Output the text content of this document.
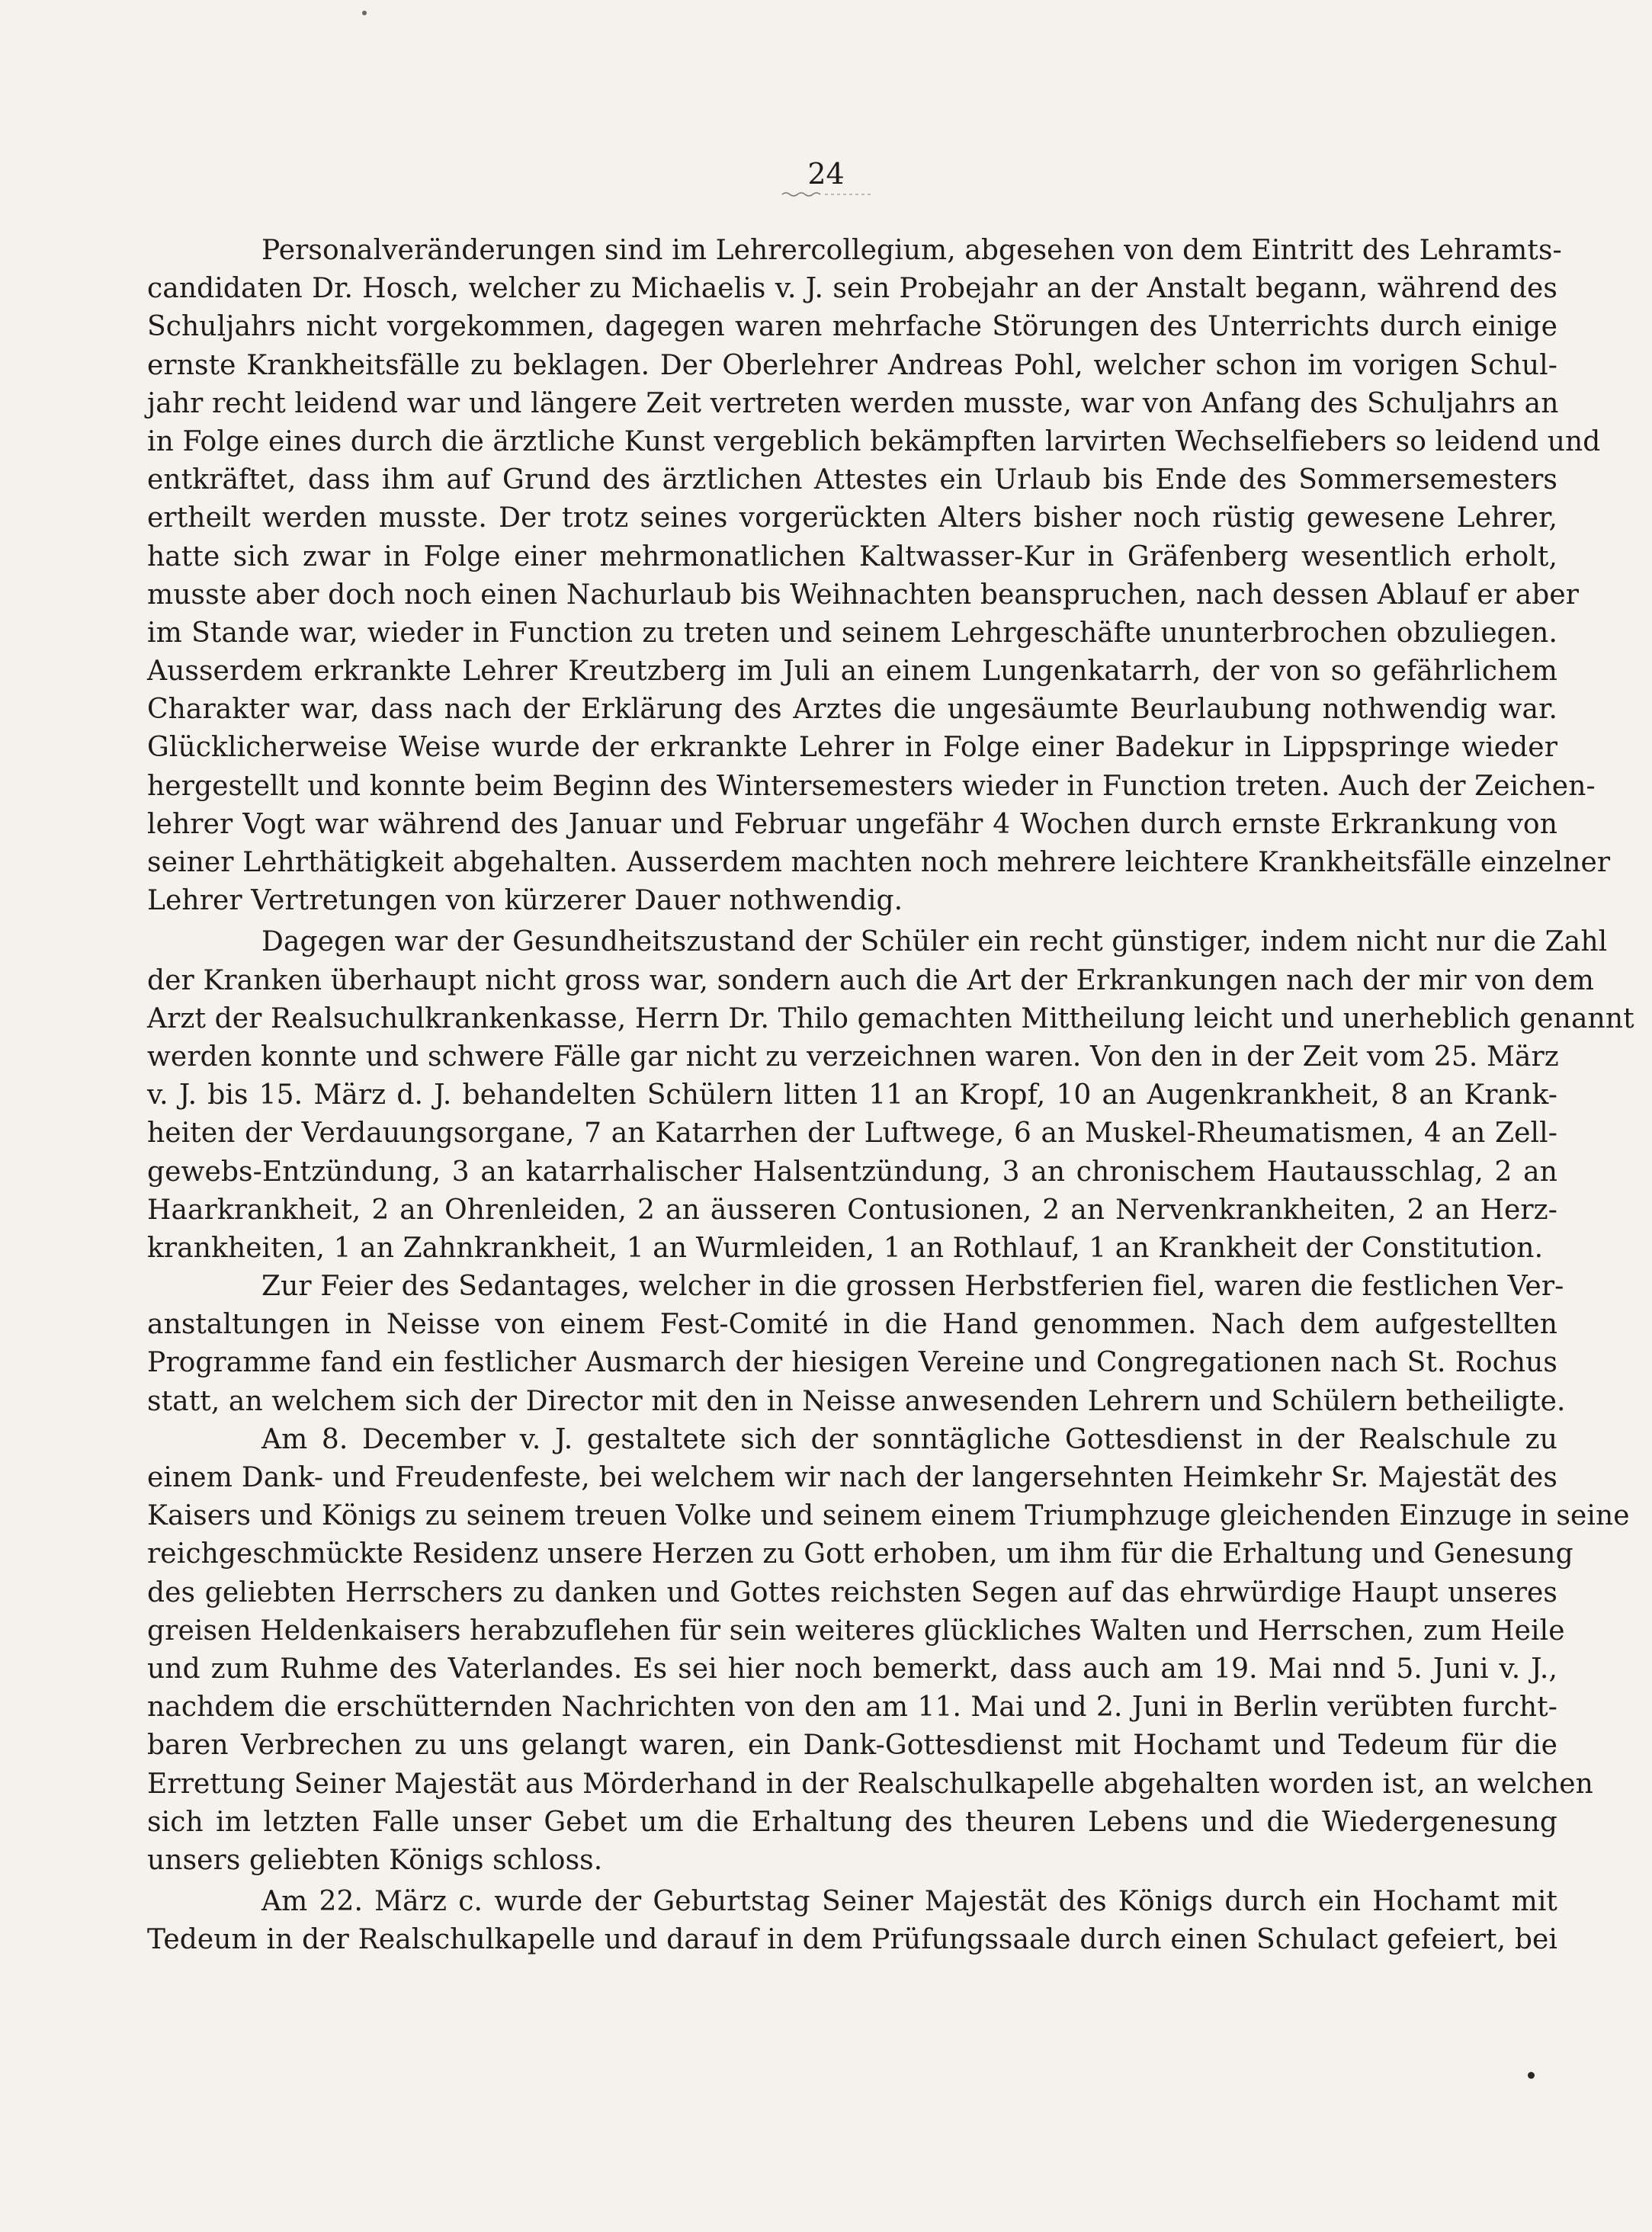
24
Personalveränderungen sind im Lehrercollegium, abgesehen von dem Eintritt des Lehramts-
candidaten Dr. Hosch, welcher zu Michaelis v. J. sein Probejahr an der Anstalt begann, während des
Schuljahrs nicht vorgekommen, dagegen waren mehrfache Störungen des Unterrichts durch einige
ernste Krankheitsfälle zu beklagen. Der Oberlehrer Andreas Pohl, welcher schon im vorigen Schul-
jahr recht leidend war und längere Zeit vertreten werden musste, war von Anfang des Schuljahrs an
in Folge eines durch die ärztliche Kunst vergeblich bekämpften larvirten Wechselfiebers so leidend und
entkräftet, dass ihm auf Grund des ärztlichen Attestes ein Urlaub bis Ende des Sommersemesters
ertheilt werden musste. Der trotz seines vorgerückten Alters bisher noch rüstig gewesene Lehrer,
hatte sich zwar in Folge einer mehrmonatlichen Kaltwasser-Kur in Gräfenberg wesentlich erholt,
musste aber doch noch einen Nachurlaub bis Weihnachten beanspruchen, nach dessen Ablauf er aber
im Stande war, wieder in Function zu treten und seinem Lehrgeschäfte ununterbrochen obzuliegen.
Ausserdem erkrankte Lehrer Kreutzberg im Juli an einem Lungenkatarrh, der von so gefährlichem
Charakter war, dass nach der Erklärung des Arztes die ungesäumte Beurlaubung nothwendig war.
Glücklicherweise Weise wurde der erkrankte Lehrer in Folge einer Badekur in Lippspringe wieder
hergestellt und konnte beim Beginn des Wintersemesters wieder in Function treten. Auch der Zeichen-
lehrer Vogt war während des Januar und Februar ungefähr 4 Wochen durch ernste Erkrankung von
seiner Lehrthätigkeit abgehalten. Ausserdem machten noch mehrere leichtere Krankheitsfälle einzelner
Lehrer Vertretungen von kürzerer Dauer nothwendig.
Dagegen war der Gesundheitszustand der Schüler ein recht günstiger, indem nicht nur die Zahl
der Kranken überhaupt nicht gross war, sondern auch die Art der Erkrankungen nach der mir von dem
Arzt der Realsuchulkrankenkasse, Herrn Dr. Thilo gemachten Mittheilung leicht und unerheblich genannt
werden konnte und schwere Fälle gar nicht zu verzeichnen waren. Von den in der Zeit vom 25. März
v. J. bis 15. März d. J. behandelten Schülern litten 11 an Kropf, 10 an Augenkrankheit, 8 an Krank-
heiten der Verdauungsorgane, 7 an Katarrhen der Luftwege, 6 an Muskel-Rheumatismen, 4 an Zell-
gewebs-Entzündung, 3 an katarrhalischer Halsentzündung, 3 an chronischem Hautausschlag, 2 an
Haarkrankheit, 2 an Ohrenleiden, 2 an äusseren Contusionen, 2 an Nervenkrankheiten, 2 an Herz-
krankheiten, 1 an Zahnkrankheit, 1 an Wurmleiden, 1 an Rothlauf, 1 an Krankheit der Constitution.
Zur Feier des Sedantages, welcher in die grossen Herbstferien fiel, waren die festlichen Ver-
anstaltungen in Neisse von einem Fest-Comité in die Hand genommen. Nach dem aufgestellten
Programme fand ein festlicher Ausmarch der hiesigen Vereine und Congregationen nach St. Rochus
statt, an welchem sich der Director mit den in Neisse anwesenden Lehrern und Schülern betheiligte.
Am 8. December v. J. gestaltete sich der sonntägliche Gottesdienst in der Realschule zu
einem Dank- und Freudenfeste, bei welchem wir nach der langersehnten Heimkehr Sr. Majestät des
Kaisers und Königs zu seinem treuen Volke und seinem einem Triumphzuge gleichenden Einzuge in seine
reichgeschmückte Residenz unsere Herzen zu Gott erhoben, um ihm für die Erhaltung und Genesung
des geliebten Herrschers zu danken und Gottes reichsten Segen auf das ehrwürdige Haupt unseres
greisen Heldenkaisers herabzuflehen für sein weiteres glückliches Walten und Herrschen, zum Heile
und zum Ruhme des Vaterlandes. Es sei hier noch bemerkt, dass auch am 19. Mai nnd 5. Juni v. J.,
nachdem die erschütternden Nachrichten von den am 11. Mai und 2. Juni in Berlin verübten furcht-
baren Verbrechen zu uns gelangt waren, ein Dank-Gottesdienst mit Hochamt und Tedeum für die
Errettung Seiner Majestät aus Mörderhand in der Realschulkapelle abgehalten worden ist, an welchen
sich im letzten Falle unser Gebet um die Erhaltung des theuren Lebens und die Wiedergenesung
unsers geliebten Königs schloss.
Am 22. März c. wurde der Geburtstag Seiner Majestät des Königs durch ein Hochamt mit
Tedeum in der Realschulkapelle und darauf in dem Prüfungssaale durch einen Schulact gefeiert, bei
